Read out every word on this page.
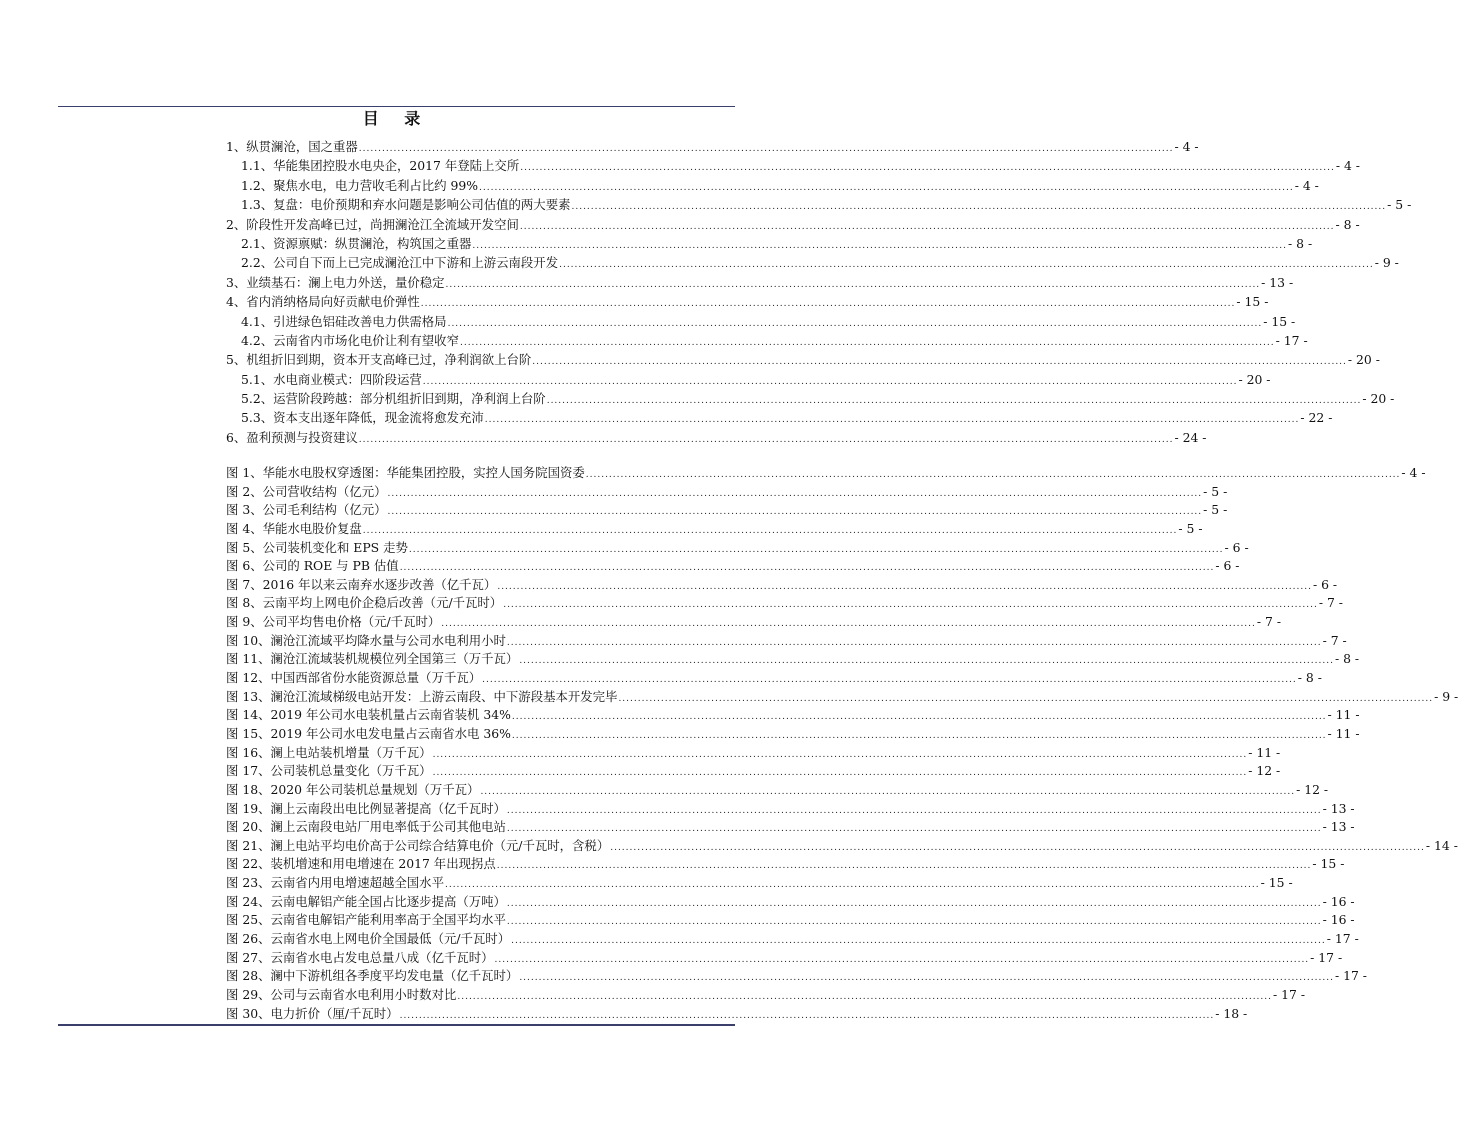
目 录
1、纵贯澜沧，国之重器 .....	- 4 -
1.1、华能集团控股水电央企，2017 年登陆上交所 .....	- 4 -
1.2、聚焦水电，电力营收毛利占比约 99% .....	- 4 -
1.3、复盘：电价预期和弃水问题是影响公司估值的两大要素 .....	- 5 -
2、阶段性开发高峰已过，尚拥澜沧江全流域开发空间 .....	- 8 -
2.1、资源禀赋：纵贯澜沧，构筑国之重器 .....	- 8 -
2.2、公司自下而上已完成澜沧江中下游和上游云南段开发 .....	- 9 -
3、业绩基石：澜上电力外送，量价稳定 .....	- 13 -
4、省内消纳格局向好贡献电价弹性 .....	- 15 -
4.1、引进绿色铝硅改善电力供需格局 .....	- 15 -
4.2、云南省内市场化电价让利有望收窄 .....	- 17 -
5、机组折旧到期，资本开支高峰已过，净利润欲上台阶 .....	- 20 -
5.1、水电商业模式：四阶段运营 .....	- 20 -
5.2、运营阶段跨越：部分机组折旧到期，净利润上台阶 .....	- 20 -
5.3、资本支出逐年降低，现金流将愈发充沛 .....	- 22 -
6、盈利预测与投资建议 .....	- 24 -
图 1、华能水电股权穿透图：华能集团控股，实控人国务院国资委 .....	- 4 -
图 2、公司营收结构（亿元） .....	- 5 -
图 3、公司毛利结构（亿元） .....	- 5 -
图 4、华能水电股价复盘 .....	- 5 -
图 5、公司装机变化和 EPS 走势 .....	- 6 -
图 6、公司的 ROE 与 PB 估值 .....	- 6 -
图 7、2016 年以来云南弃水逐步改善（亿千瓦） .....	- 6 -
图 8、云南平均上网电价企稳后改善（元/千瓦时） .....	- 7 -
图 9、公司平均售电价格（元/千瓦时） .....	- 7 -
图 10、澜沧江流域平均降水量与公司水电利用小时 .....	- 7 -
图 11、澜沧江流域装机规模位列全国第三（万千瓦） .....	- 8 -
图 12、中国西部省份水能资源总量（万千瓦） .....	- 8 -
图 13、澜沧江流域梯级电站开发：上游云南段、中下游段基本开发完毕 .....	- 9 -
图 14、2019 年公司水电装机量占云南省装机 34% .....	- 11 -
图 15、2019 年公司水电发电量占云南省水电 36% .....	- 11 -
图 16、澜上电站装机增量（万千瓦） .....	- 11 -
图 17、公司装机总量变化（万千瓦） .....	- 12 -
图 18、2020 年公司装机总量规划（万千瓦） .....	- 12 -
图 19、澜上云南段出电比例显著提高（亿千瓦时） .....	- 13 -
图 20、澜上云南段电站厂用电率低于公司其他电站 .....	- 13 -
图 21、澜上电站平均电价高于公司综合结算电价（元/千瓦时，含税） .....	- 14 -
图 22、装机增速和用电增速在 2017 年出现拐点 .....	- 15 -
图 23、云南省内用电增速超越全国水平 .....	- 15 -
图 24、云南电解铝产能全国占比逐步提高（万吨） .....	- 16 -
图 25、云南省电解铝产能利用率高于全国平均水平 .....	- 16 -
图 26、云南省水电上网电价全国最低（元/千瓦时） .....	- 17 -
图 27、云南省水电占发电总量八成（亿千瓦时） .....	- 17 -
图 28、澜中下游机组各季度平均发电量（亿千瓦时） .....	- 17 -
图 29、公司与云南省水电利用小时数对比 .....	- 17 -
图 30、电力折价（厘/千瓦时） .....	- 18 -
